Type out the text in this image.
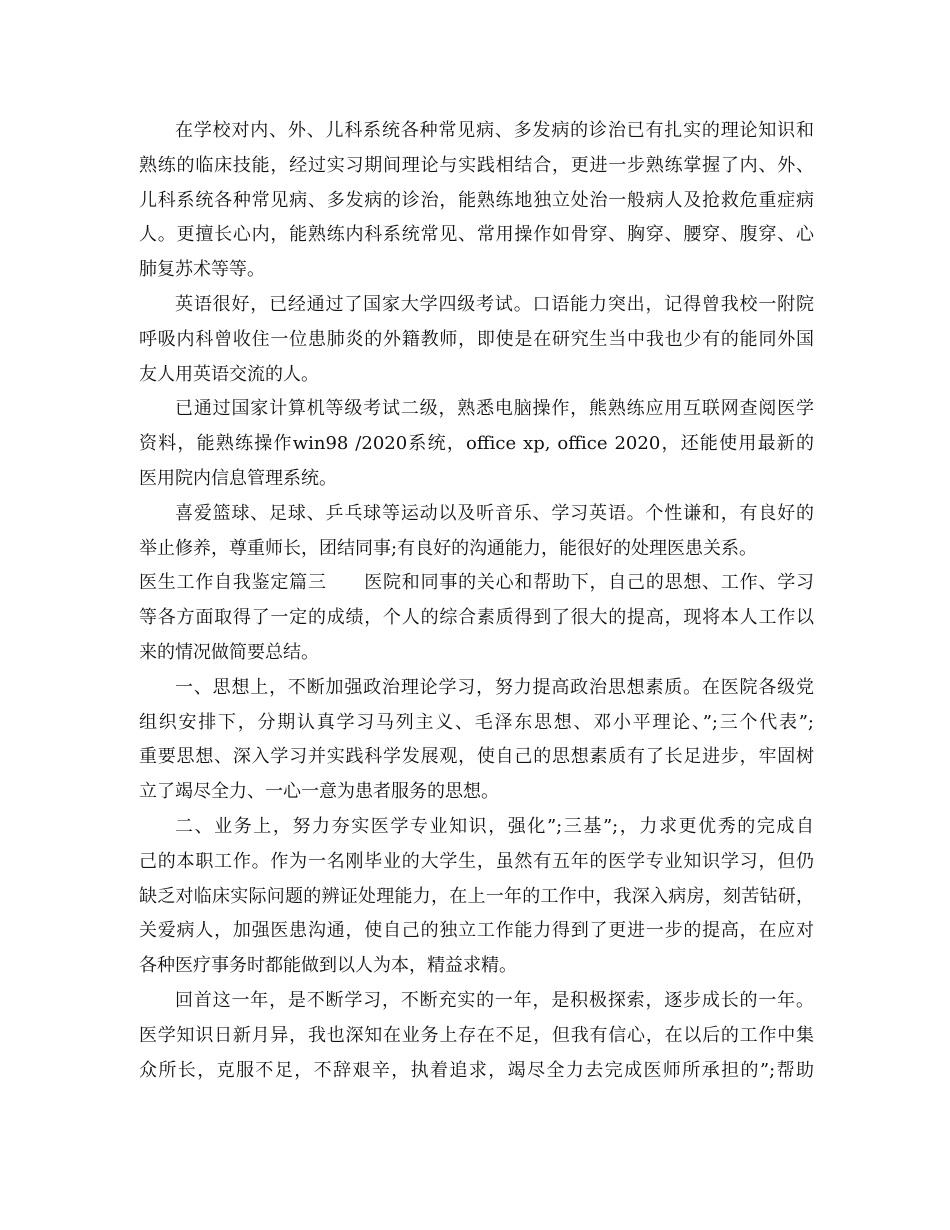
在学校对内、外、儿科系统各种常见病、多发病的诊治已有扎实的理论知识和
熟练的临床技能，经过实习期间理论与实践相结合，更进一步熟练掌握了内、外、
儿科系统各种常见病、多发病的诊治，能熟练地独立处治一般病人及抢救危重症病
人。更擅长心内，能熟练内科系统常见、常用操作如骨穿、胸穿、腰穿、腹穿、心
肺复苏术等等。
英语很好，已经通过了国家大学四级考试。口语能力突出，记得曾我校一附院
呼吸内科曾收住一位患肺炎的外籍教师，即使是在研究生当中我也少有的能同外国
友人用英语交流的人。
已通过国家计算机等级考试二级，熟悉电脑操作，熊熟练应用互联网查阅医学
资料，能熟练操作win98 /2020系统，office xp, office 2020，还能使用最新的
医用院内信息管理系统。
喜爱篮球、足球、乒乓球等运动以及听音乐、学习英语。个性谦和，有良好的
举止修养，尊重师长，团结同事;有良好的沟通能力，能很好的处理医患关系。
医生工作自我鉴定篇三　　医院和同事的关心和帮助下，自己的思想、工作、学习
等各方面取得了一定的成绩，个人的综合素质得到了很大的提高，现将本人工作以
来的情况做简要总结。
一、思想上，不断加强政治理论学习，努力提高政治思想素质。在医院各级党
组织安排下，分期认真学习马列主义、毛泽东思想、邓小平理论、”;三个代表”;
重要思想、深入学习并实践科学发展观，使自己的思想素质有了长足进步，牢固树
立了竭尽全力、一心一意为患者服务的思想。
二、业务上，努力夯实医学专业知识，强化”;三基”;，力求更优秀的完成自
己的本职工作。作为一名刚毕业的大学生，虽然有五年的医学专业知识学习，但仍
缺乏对临床实际问题的辨证处理能力，在上一年的工作中，我深入病房，刻苦钻研，
关爱病人，加强医患沟通，使自己的独立工作能力得到了更进一步的提高，在应对
各种医疗事务时都能做到以人为本，精益求精。
回首这一年，是不断学习，不断充实的一年，是积极探索，逐步成长的一年。
医学知识日新月异，我也深知在业务上存在不足，但我有信心，在以后的工作中集
众所长，克服不足，不辞艰辛，执着追求，竭尽全力去完成医师所承担的”;帮助
